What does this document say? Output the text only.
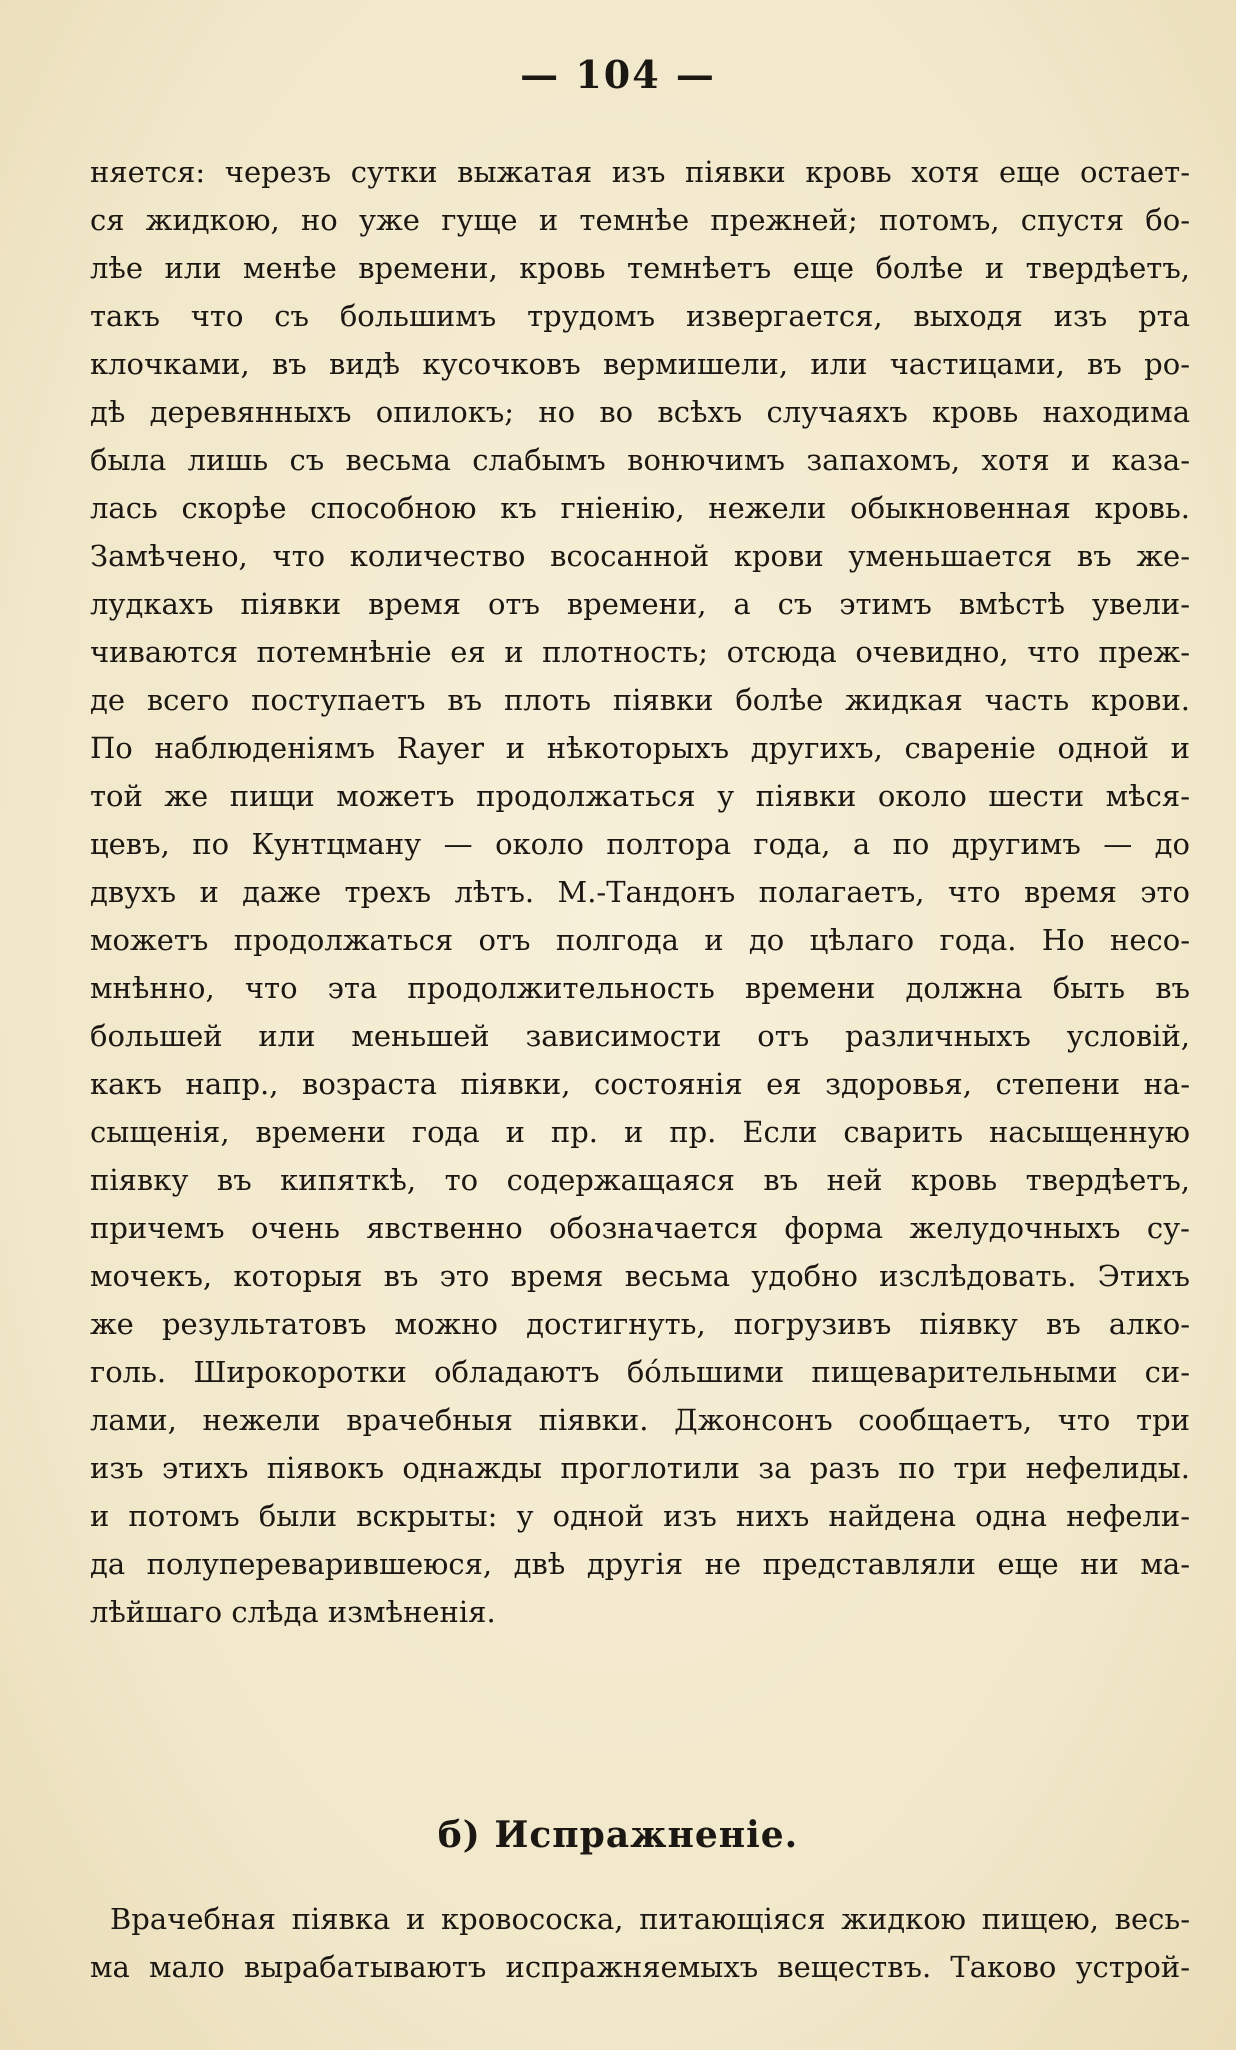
— 104 —
няется: черезъ сутки выжатая изъ піявки кровь хотя еще остает-
ся жидкою, но уже гуще и темнѣе прежней; потомъ, спустя бо-
лѣе или менѣе времени, кровь темнѣетъ еще болѣе и твердѣетъ,
такъ что съ большимъ трудомъ извергается, выходя изъ рта
клочками, въ видѣ кусочковъ вермишели, или частицами, въ ро-
дѣ деревянныхъ опилокъ; но во всѣхъ случаяхъ кровь находима
была лишь съ весьма слабымъ вонючимъ запахомъ, хотя и каза-
лась скорѣе способною къ гніенію, нежели обыкновенная кровь.
Замѣчено, что количество всосанной крови уменьшается въ же-
лудкахъ піявки время отъ времени, а съ этимъ вмѣстѣ увели-
чиваются потемнѣніе ея и плотность; отсюда очевидно, что преж-
де всего поступаетъ въ плоть піявки болѣе жидкая часть крови.
По наблюденіямъ Rayer и нѣкоторыхъ другихъ, свареніе одной и
той же пищи можетъ продолжаться у піявки около шести мѣся-
цевъ, по Кунтцману — около полтора года, а по другимъ — до
двухъ и даже трехъ лѣтъ. М.-Тандонъ полагаетъ, что время это
можетъ продолжаться отъ полгода и до цѣлаго года. Но несо-
мнѣнно, что эта продолжительность времени должна быть въ
большей или меньшей зависимости отъ различныхъ условій,
какъ напр., возраста піявки, состоянія ея здоровья, степени на-
сыщенія, времени года и пр. и пр. Если сварить насыщенную
піявку въ кипяткѣ, то содержащаяся въ ней кровь твердѣетъ,
причемъ очень явственно обозначается форма желудочныхъ су-
мочекъ, которыя въ это время весьма удобно изслѣдовать. Этихъ
же результатовъ можно достигнуть, погрузивъ піявку въ алко-
голь. Широкоротки обладаютъ бо́льшими пищеварительными си-
лами, нежели врачебныя піявки. Джонсонъ сообщаетъ, что три
изъ этихъ піявокъ однажды проглотили за разъ по три нефелиды.
и потомъ были вскрыты: у одной изъ нихъ найдена одна нефели-
да полупереварившеюся, двѣ другія не представляли еще ни ма-
лѣйшаго слѣда измѣненія.
б) Испражненіе.
Врачебная піявка и кровососка, питающіяся жидкою пищею, весь-
ма мало вырабатываютъ испражняемыхъ веществъ. Таково устрой-
